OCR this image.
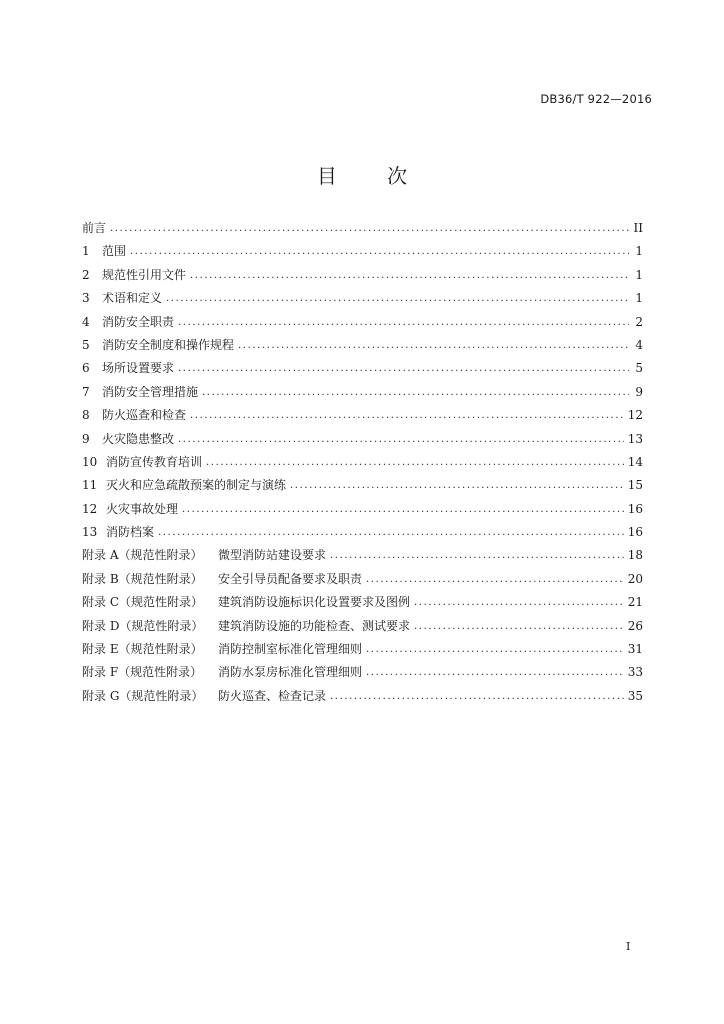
DB36/T 922—2016
目 次
前言 .....	II
1	范围 .....	1
2	规范性引用文件 .....	1
3	术语和定义 .....	1
4	消防安全职责 .....	2
5	消防安全制度和操作规程 .....	4
6	场所设置要求 .....	5
7	消防安全管理措施 .....	9
8	防火巡查和检查 .....	12
9	火灾隐患整改 .....	13
10 消防宣传教育培训 .....	14
11 灭火和应急疏散预案的制定与演练 .....	15
12 火灾事故处理 .....	16
13 消防档案 .....	16
附录 A（规范性附录）	微型消防站建设要求 .....	18
附录 B（规范性附录）	安全引导员配备要求及职责 .....	20
附录 C（规范性附录）	建筑消防设施标识化设置要求及图例 .....	21
附录 D（规范性附录）	建筑消防设施的功能检查、测试要求 .....	26
附录 E（规范性附录）	消防控制室标准化管理细则 .....	31
附录 F（规范性附录）	消防水泵房标准化管理细则 .....	33
附录 G（规范性附录）	防火巡查、检查记录 .....	35
I
